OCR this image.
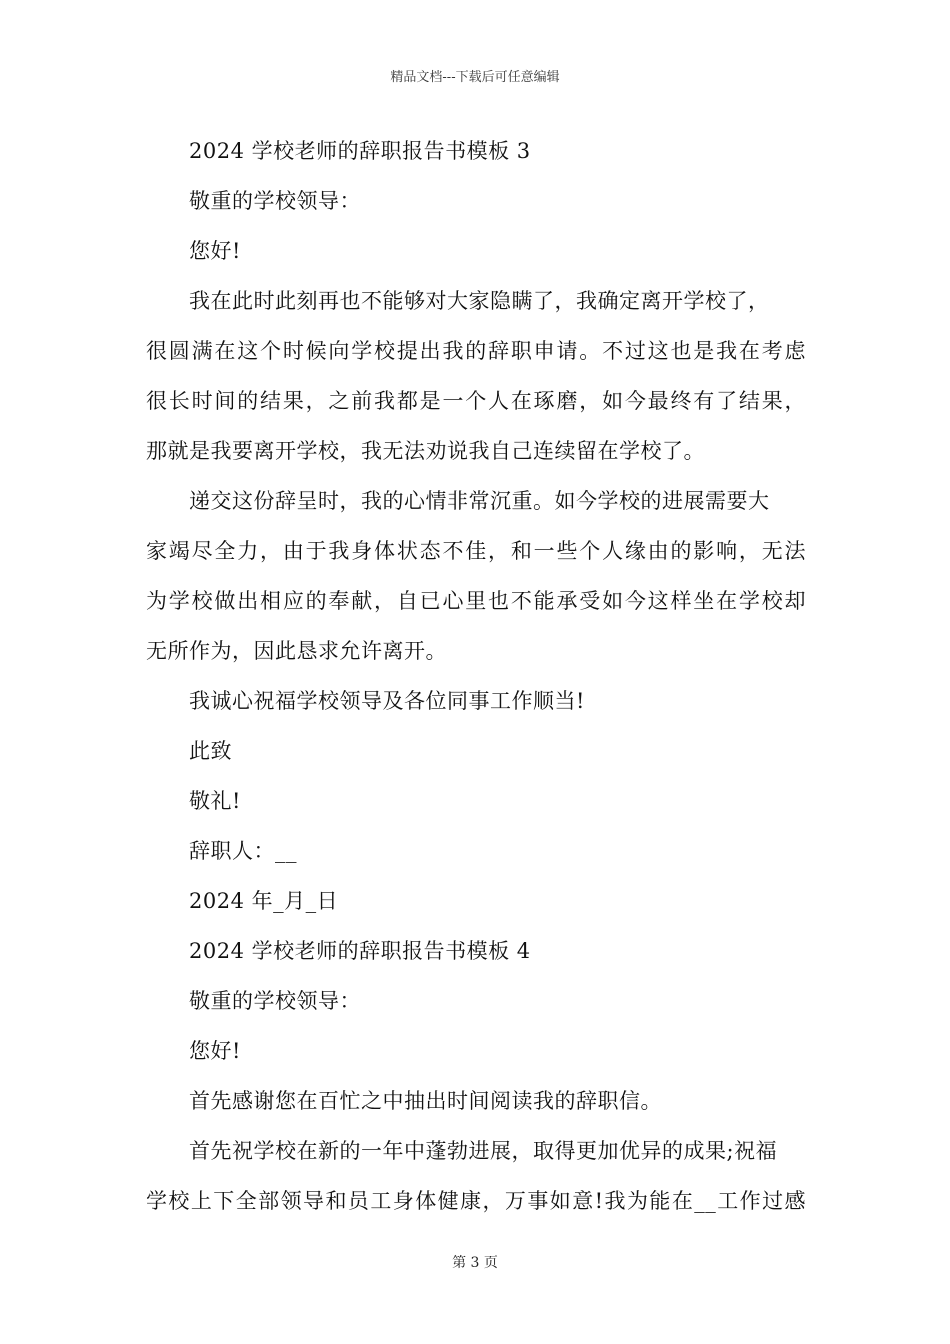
精品文档---下载后可任意编辑
2024 学校老师的辞职报告书模板 3
敬重的学校领导：
您好!
我在此时此刻再也不能够对大家隐瞒了，我确定离开学校了，
很圆满在这个时候向学校提出我的辞职申请。不过这也是我在考虑
很长时间的结果，之前我都是一个人在琢磨，如今最终有了结果，
那就是我要离开学校，我无法劝说我自己连续留在学校了。
递交这份辞呈时，我的心情非常沉重。如今学校的进展需要大
家竭尽全力，由于我身体状态不佳，和一些个人缘由的影响，无法
为学校做出相应的奉献，自已心里也不能承受如今这样坐在学校却
无所作为，因此恳求允许离开。
我诚心祝福学校领导及各位同事工作顺当!
此致
敬礼!
辞职人：__
2024 年_月_日
2024 学校老师的辞职报告书模板 4
敬重的学校领导：
您好!
首先感谢您在百忙之中抽出时间阅读我的辞职信。
首先祝学校在新的一年中蓬勃进展，取得更加优异的成果;祝福
学校上下全部领导和员工身体健康，万事如意!我为能在__工作过感
第 3 页
